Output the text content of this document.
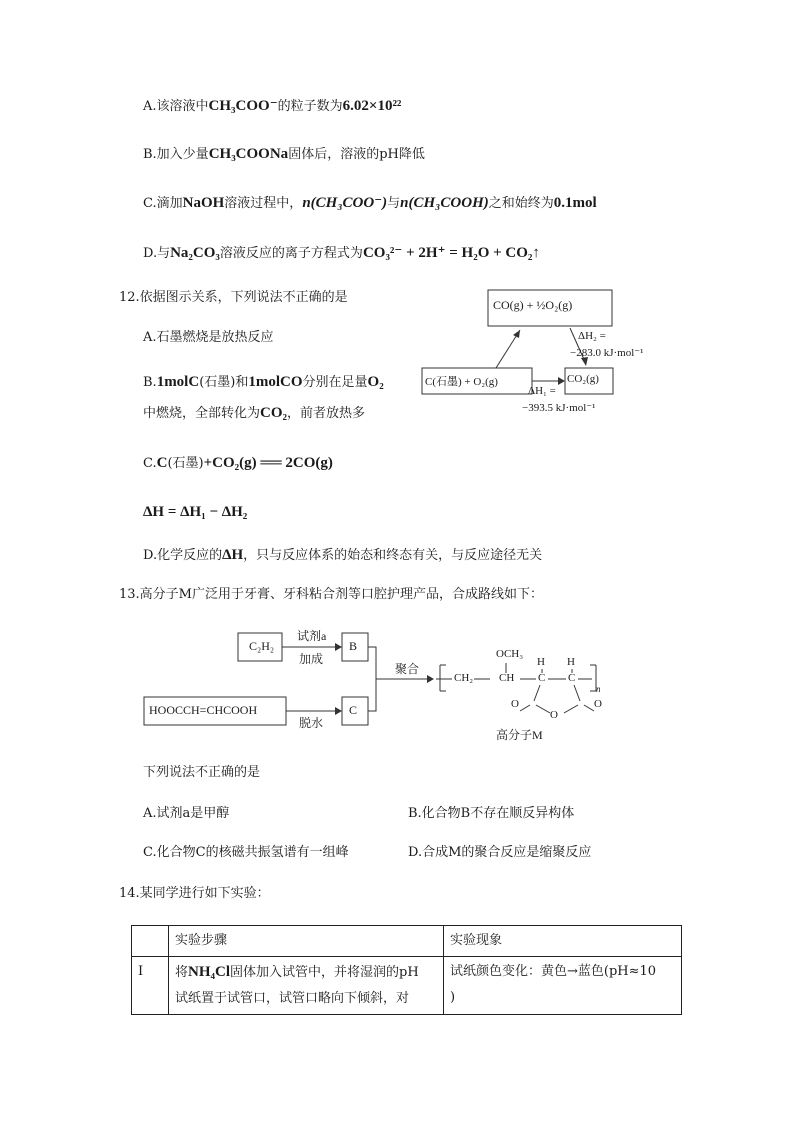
A.该溶液中CH₃COO⁻的粒子数为6.02×10²²
B.加入少量CH₃COONa固体后，溶液的pH降低
C.滴加NaOH溶液过程中，n(CH₃COO⁻)与n(CH₃COOH)之和始终为0.1mol
D.与Na₂CO₃溶液反应的离子方程式为CO₃²⁻ + 2H⁺ = H₂O + CO₂↑
12.依据图示关系，下列说法不正确的是
A.石墨燃烧是放热反应
B.1molC(石墨)和1molCO分别在足量O₂
中燃烧，全部转化为CO₂，前者放热多
C.C(石墨)+CO₂(g) ══ 2CO(g)
ΔH = ΔH₁ − ΔH₂
D.化学反应的ΔH，只与反应体系的始态和终态有关，与反应途径无关
CO(g) + ½O₂(g)
C(石墨) + O₂(g)	CO₂(g)
ΔH₂ =
−283.0 kJ·mol⁻¹
ΔH₁ =
−393.5 kJ·mol⁻¹
13.高分子M广泛用于牙膏、牙科粘合剂等口腔护理产品，合成路线如下：
C₂H₂
试剂a
加成
B
HOOCCH=CHCOOH
脱水
C
聚合
OCH₃
H H
CH₂ CH C C
O
O
O
n
高分子M
下列说法不正确的是
A.试剂a是甲醇	B.化合物B不存在顺反异构体
C.化合物C的核磁共振氢谱有一组峰	D.合成M的聚合反应是缩聚反应
14.某同学进行如下实验：
	实验步骤	实验现象
I	将NH₄Cl固体加入试管中，并将湿润的pH
试纸置于试管口，试管口略向下倾斜，对	试纸颜色变化：黄色→蓝色(pH≈10
)
